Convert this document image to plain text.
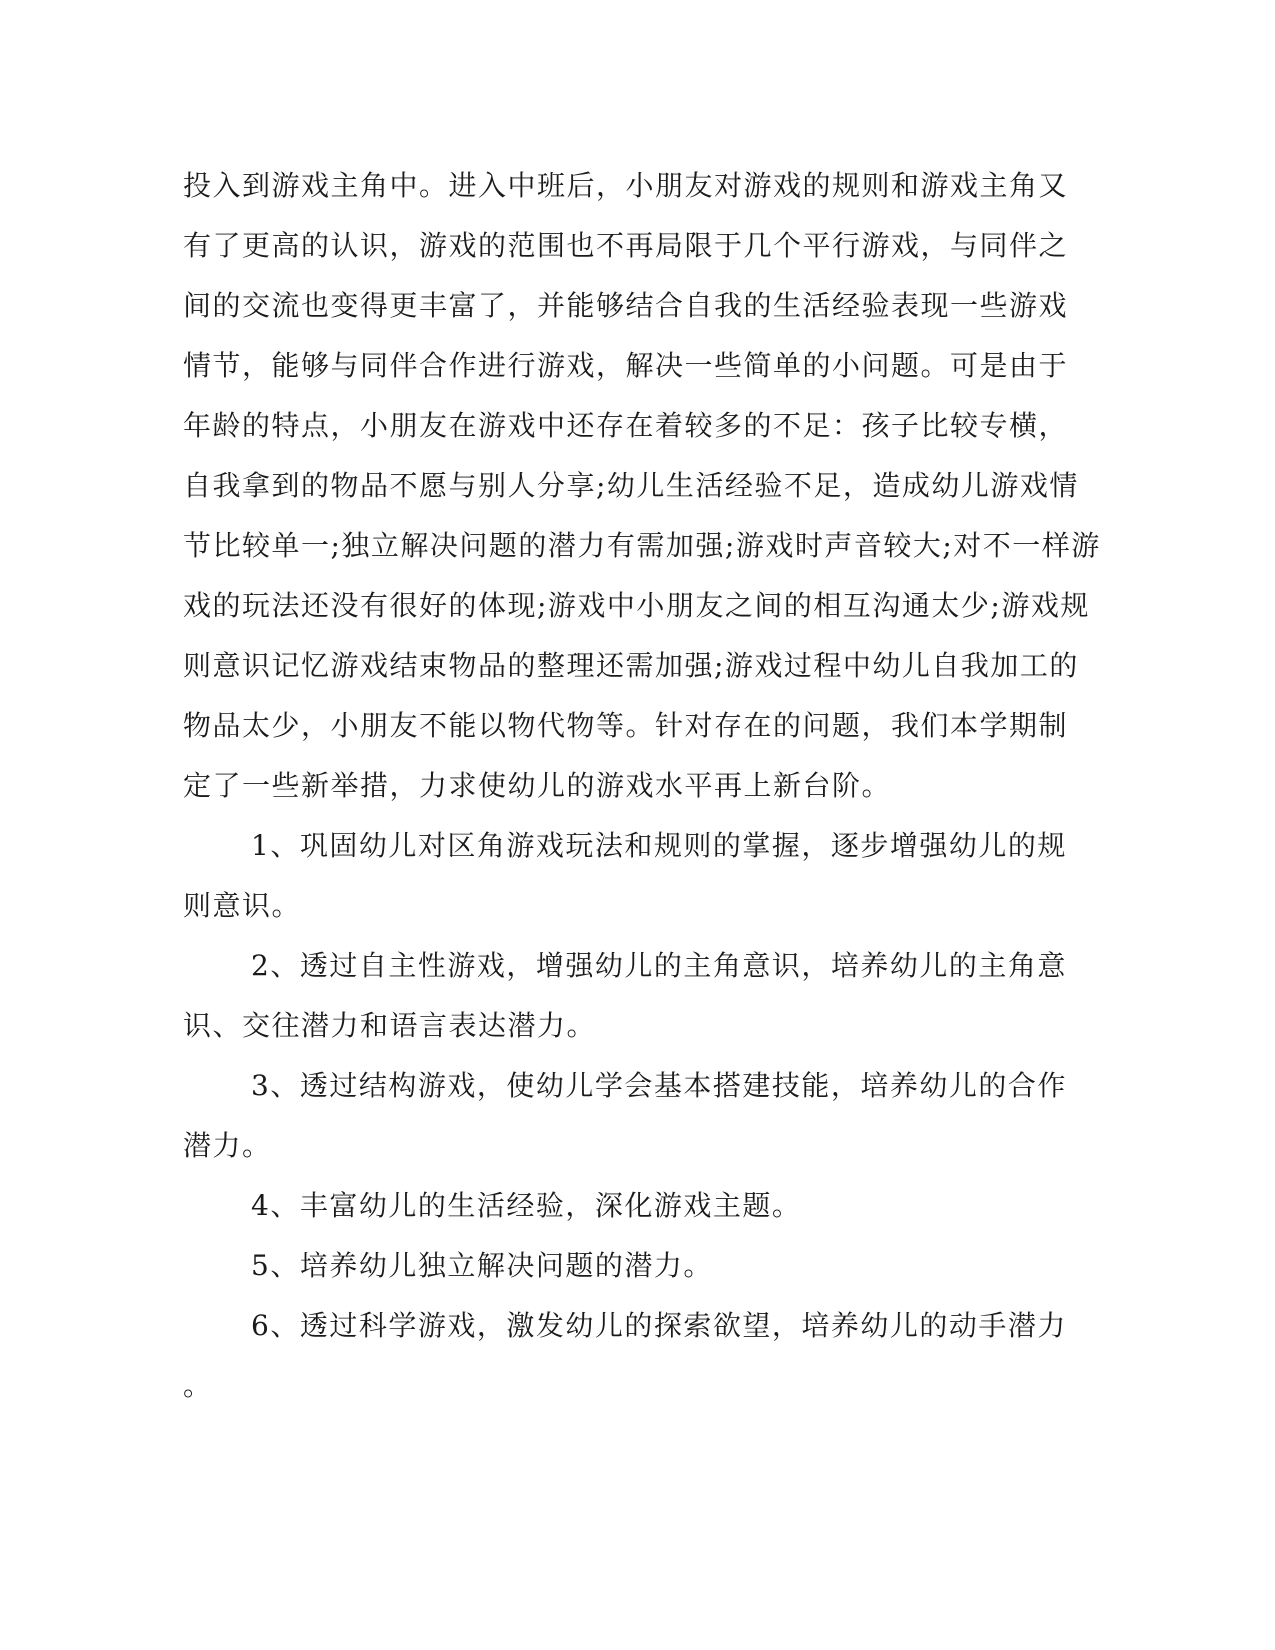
投入到游戏主角中。进入中班后，小朋友对游戏的规则和游戏主角又
有了更高的认识，游戏的范围也不再局限于几个平行游戏，与同伴之
间的交流也变得更丰富了，并能够结合自我的生活经验表现一些游戏
情节，能够与同伴合作进行游戏，解决一些简单的小问题。可是由于
年龄的特点，小朋友在游戏中还存在着较多的不足：孩子比较专横，
自我拿到的物品不愿与别人分享;幼儿生活经验不足，造成幼儿游戏情
节比较单一;独立解决问题的潜力有需加强;游戏时声音较大;对不一样游
戏的玩法还没有很好的体现;游戏中小朋友之间的相互沟通太少;游戏规
则意识记忆游戏结束物品的整理还需加强;游戏过程中幼儿自我加工的
物品太少，小朋友不能以物代物等。针对存在的问题，我们本学期制
定了一些新举措，力求使幼儿的游戏水平再上新台阶。
1、巩固幼儿对区角游戏玩法和规则的掌握，逐步增强幼儿的规
则意识。
2、透过自主性游戏，增强幼儿的主角意识，培养幼儿的主角意
识、交往潜力和语言表达潜力。
3、透过结构游戏，使幼儿学会基本搭建技能，培养幼儿的合作
潜力。
4、丰富幼儿的生活经验，深化游戏主题。
5、培养幼儿独立解决问题的潜力。
6、透过科学游戏，激发幼儿的探索欲望，培养幼儿的动手潜力
。
